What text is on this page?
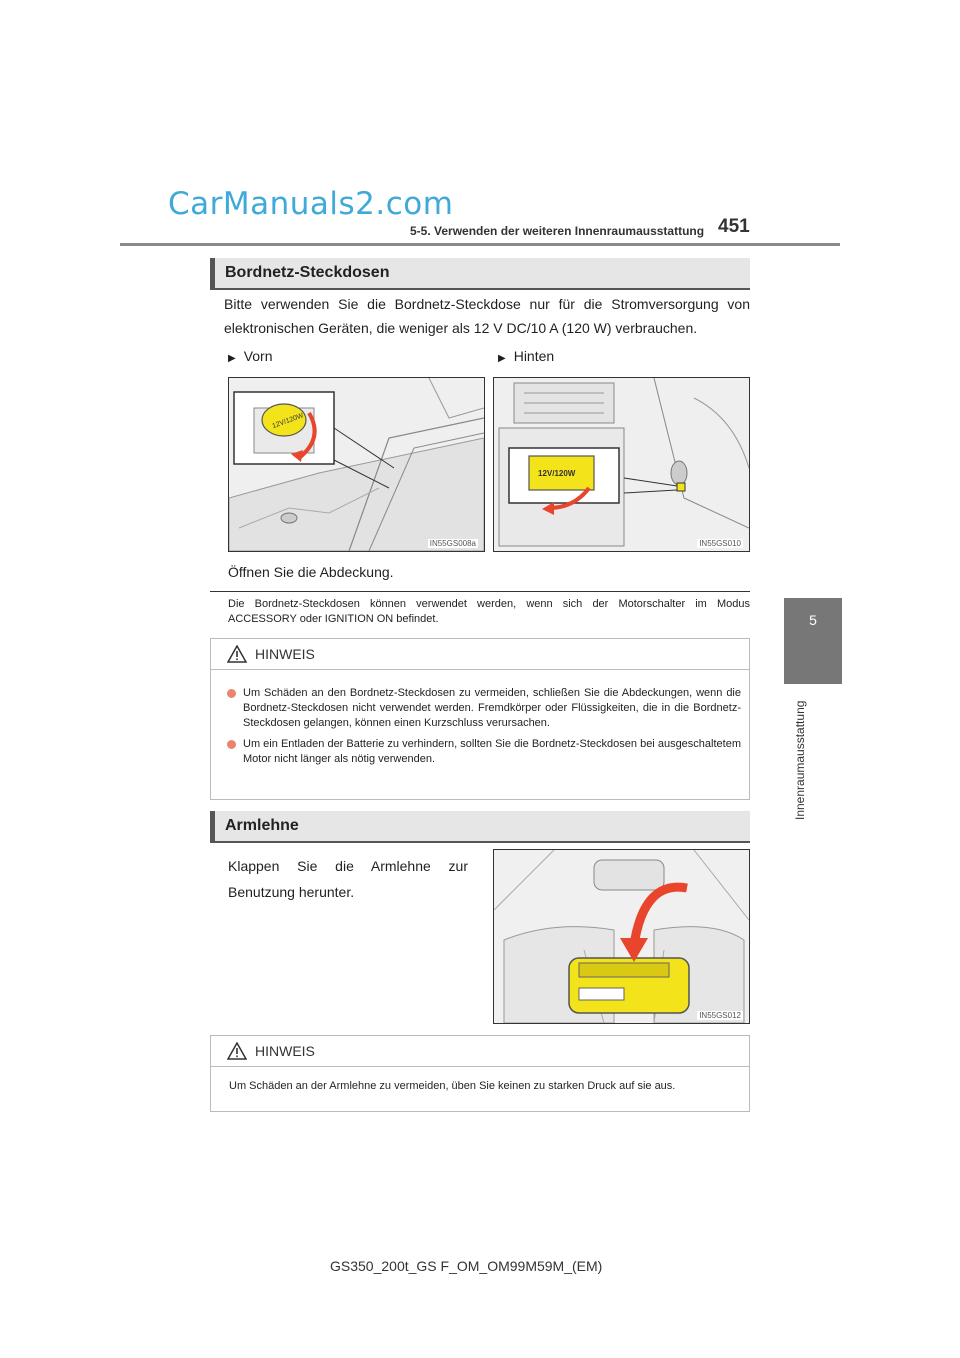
CarManuals2.com
5-5. Verwenden der weiteren Innenraumausstattung 451
5
Innenraumausstattung
Bordnetz-Steckdosen
Bitte verwenden Sie die Bordnetz-Steckdose nur für die Stromversorgung von elektronischen Geräten, die weniger als 12 V DC/10 A (120 W) verbrauchen.
▶ Vorn	▶ Hinten
12V/120W
IN55GS008a
12V/120W
IN55GS010
Öffnen Sie die Abdeckung.
Die Bordnetz-Steckdosen können verwendet werden, wenn sich der Motorschalter im Modus ACCESSORY oder IGNITION ON befindet.
HINWEIS
Um Schäden an den Bordnetz-Steckdosen zu vermeiden, schließen Sie die Abdeckungen, wenn die Bordnetz-Steckdosen nicht verwendet werden. Fremdkörper oder Flüssigkeiten, die in die Bordnetz-Steckdosen gelangen, können einen Kurzschluss verursachen.
Um ein Entladen der Batterie zu verhindern, sollten Sie die Bordnetz-Steckdosen bei ausgeschaltetem Motor nicht länger als nötig verwenden.
Armlehne
Klappen Sie die Armlehne zur Benutzung herunter.
IN55GS012
HINWEIS
Um Schäden an der Armlehne zu vermeiden, üben Sie keinen zu starken Druck auf sie aus.
GS350_200t_GS F_OM_OM99M59M_(EM)
